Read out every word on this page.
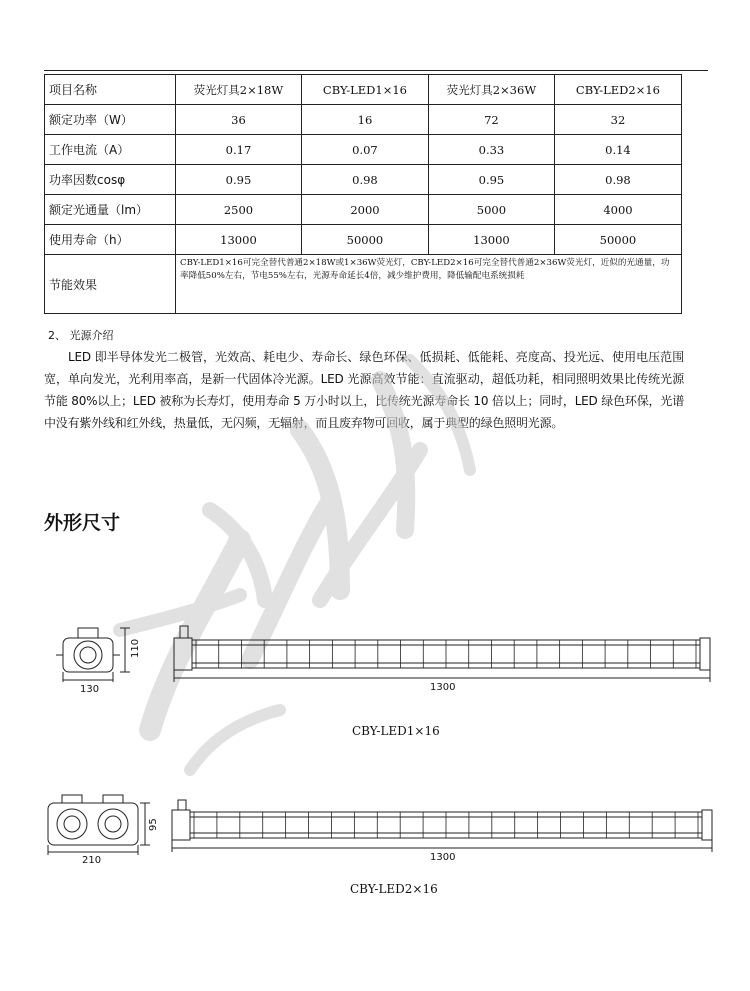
项目名称	荧光灯具2×18W	CBY-LED1×16	荧光灯具2×36W	CBY-LED2×16
额定功率（W）	36	16	72	32
工作电流（A）	0.17	0.07	0.33	0.14
功率因数cosφ	0.95	0.98	0.95	0.98
额定光通量（lm）	2500	2000	5000	4000
使用寿命（h）	13000	50000	13000	50000
节能效果	CBY-LED1×16可完全替代普通2×18W或1×36W荧光灯，CBY-LED2×16可完全替代普通2×36W荧光灯，近似的光通量，功率降低50%左右，节电55%左右，光源寿命延长4倍，减少维护费用，降低输配电系统损耗			
2、 光源介绍
LED 即半导体发光二极管，光效高、耗电少、寿命长、绿色环保、低损耗、低能耗、亮度高、投光远、使用电压范围宽，单向发光，光利用率高，是新一代固体冷光源。LED 光源高效节能：直流驱动，超低功耗，相同照明效果比传统光源节能 80%以上；LED 被称为长寿灯，使用寿命 5 万小时以上，比传统光源寿命长 10 倍以上；同时，LED 绿色环保，光谱中没有紫外线和红外线，热量低，无闪频，无辐射，而且废弃物可回收，属于典型的绿色照明光源。
外形尺寸
130
110
1300
210
95
1300
CBY-LED1×16
CBY-LED2×16
